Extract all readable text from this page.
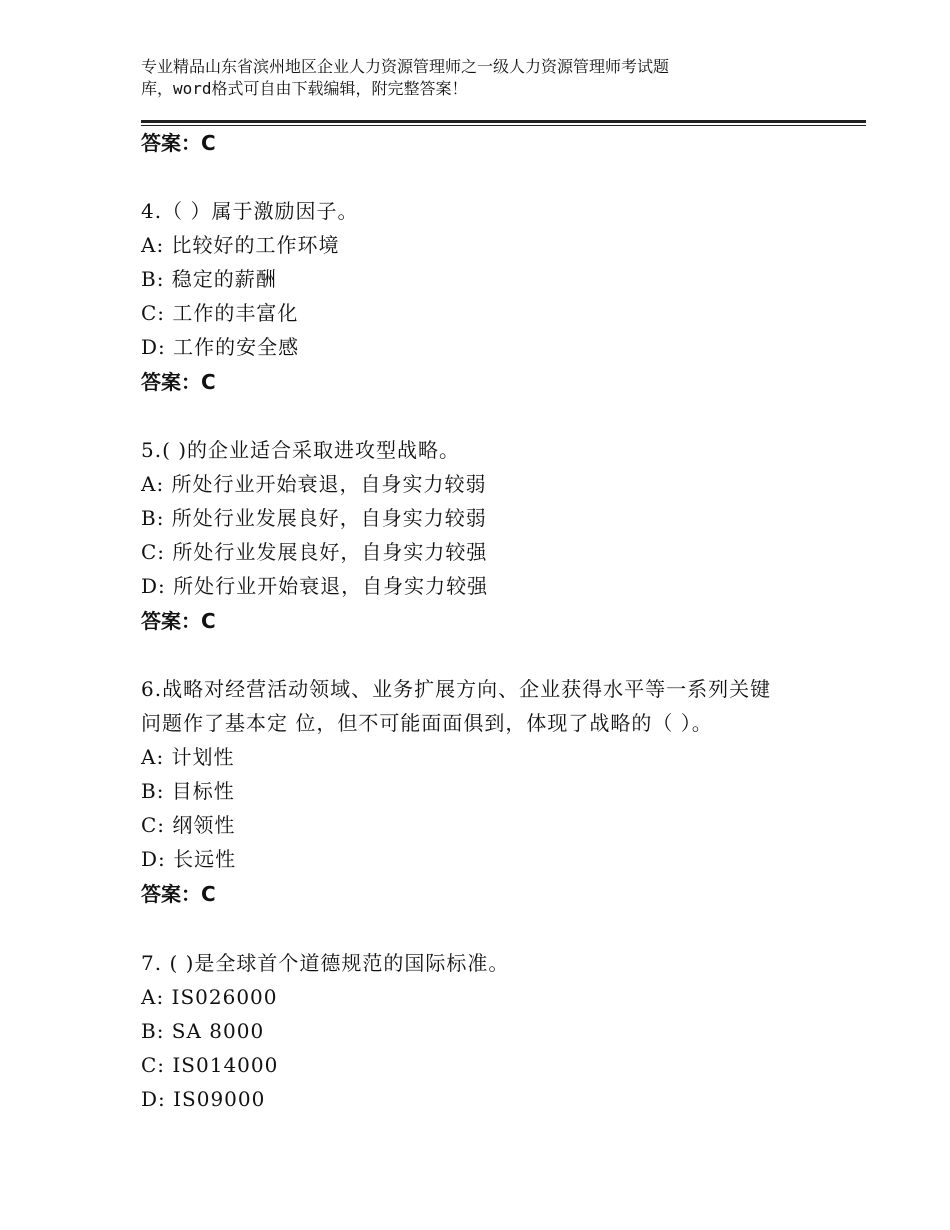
专业精品山东省滨州地区企业人力资源管理师之一级人力资源管理师考试题
库，word格式可自由下载编辑，附完整答案！
答案：C
4.（ ）属于激励因子。
A: 比较好的工作环境
B: 稳定的薪酬
C: 工作的丰富化
D: 工作的安全感
答案：C
5.( )的企业适合采取进攻型战略。
A: 所处行业开始衰退，自身实力较弱
B: 所处行业发展良好，自身实力较弱
C: 所处行业发展良好，自身实力较强
D: 所处行业开始衰退，自身实力较强
答案：C
6.战略对经营活动领域、业务扩展方向、企业获得水平等一系列关键
问题作了基本定 位，但不可能面面俱到，体现了战略的（ ）。
A: 计划性
B: 目标性
C: 纲领性
D: 长远性
答案：C
7. ( )是全球首个道德规范的国际标准。
A: IS026000
B: SA 8000
C: IS014000
D: IS09000
